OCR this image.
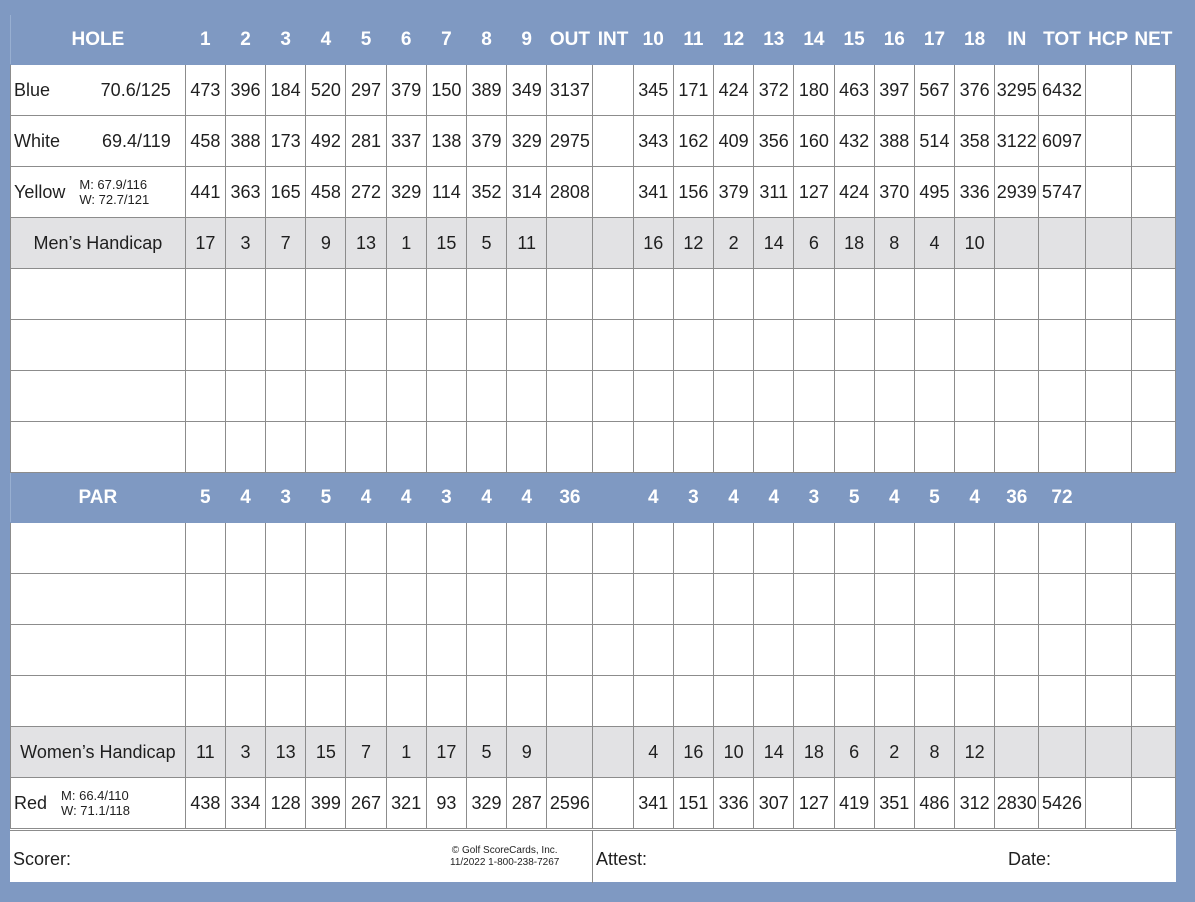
HOLE	1	2	3	4	5	6	7	8	9	OUT	INT	10	11	12	13	14	15	16	17	18	IN	TOT	HCP	NET

Blue 70.6/125	473	396	184	520	297	379	150	389	349	3137		345	171	424	372	180	463	397	567	376	3295	6432		

White 69.4/119	458	388	173	492	281	337	138	379	329	2975		343	162	409	356	160	432	388	514	358	3122	6097		

Yellow M: 67.9/116
W: 72.7/121	441	363	165	458	272	329	114	352	314	2808		341	156	379	311	127	424	370	495	336	2939	5747		
Men’s Handicap	17	3	7	9	13	1	15	5	11			16	12	2	14	6	18	8	4	10				

PAR	5	4	3	5	4	4	3	4	4	36		4	3	4	4	3	5	4	5	4	36	72		

Women’s Handicap	11	3	13	15	7	1	17	5	9			4	16	10	14	18	6	2	8	12				

Red M: 66.4/110
W: 71.1/118	438	334	128	399	267	321	93	329	287	2596		341	151	336	307	127	419	351	486	312	2830	5426		
Scorer:	© Golf ScoreCards, Inc.
11/2022 1-800-238-7267 Attest:	Date:
